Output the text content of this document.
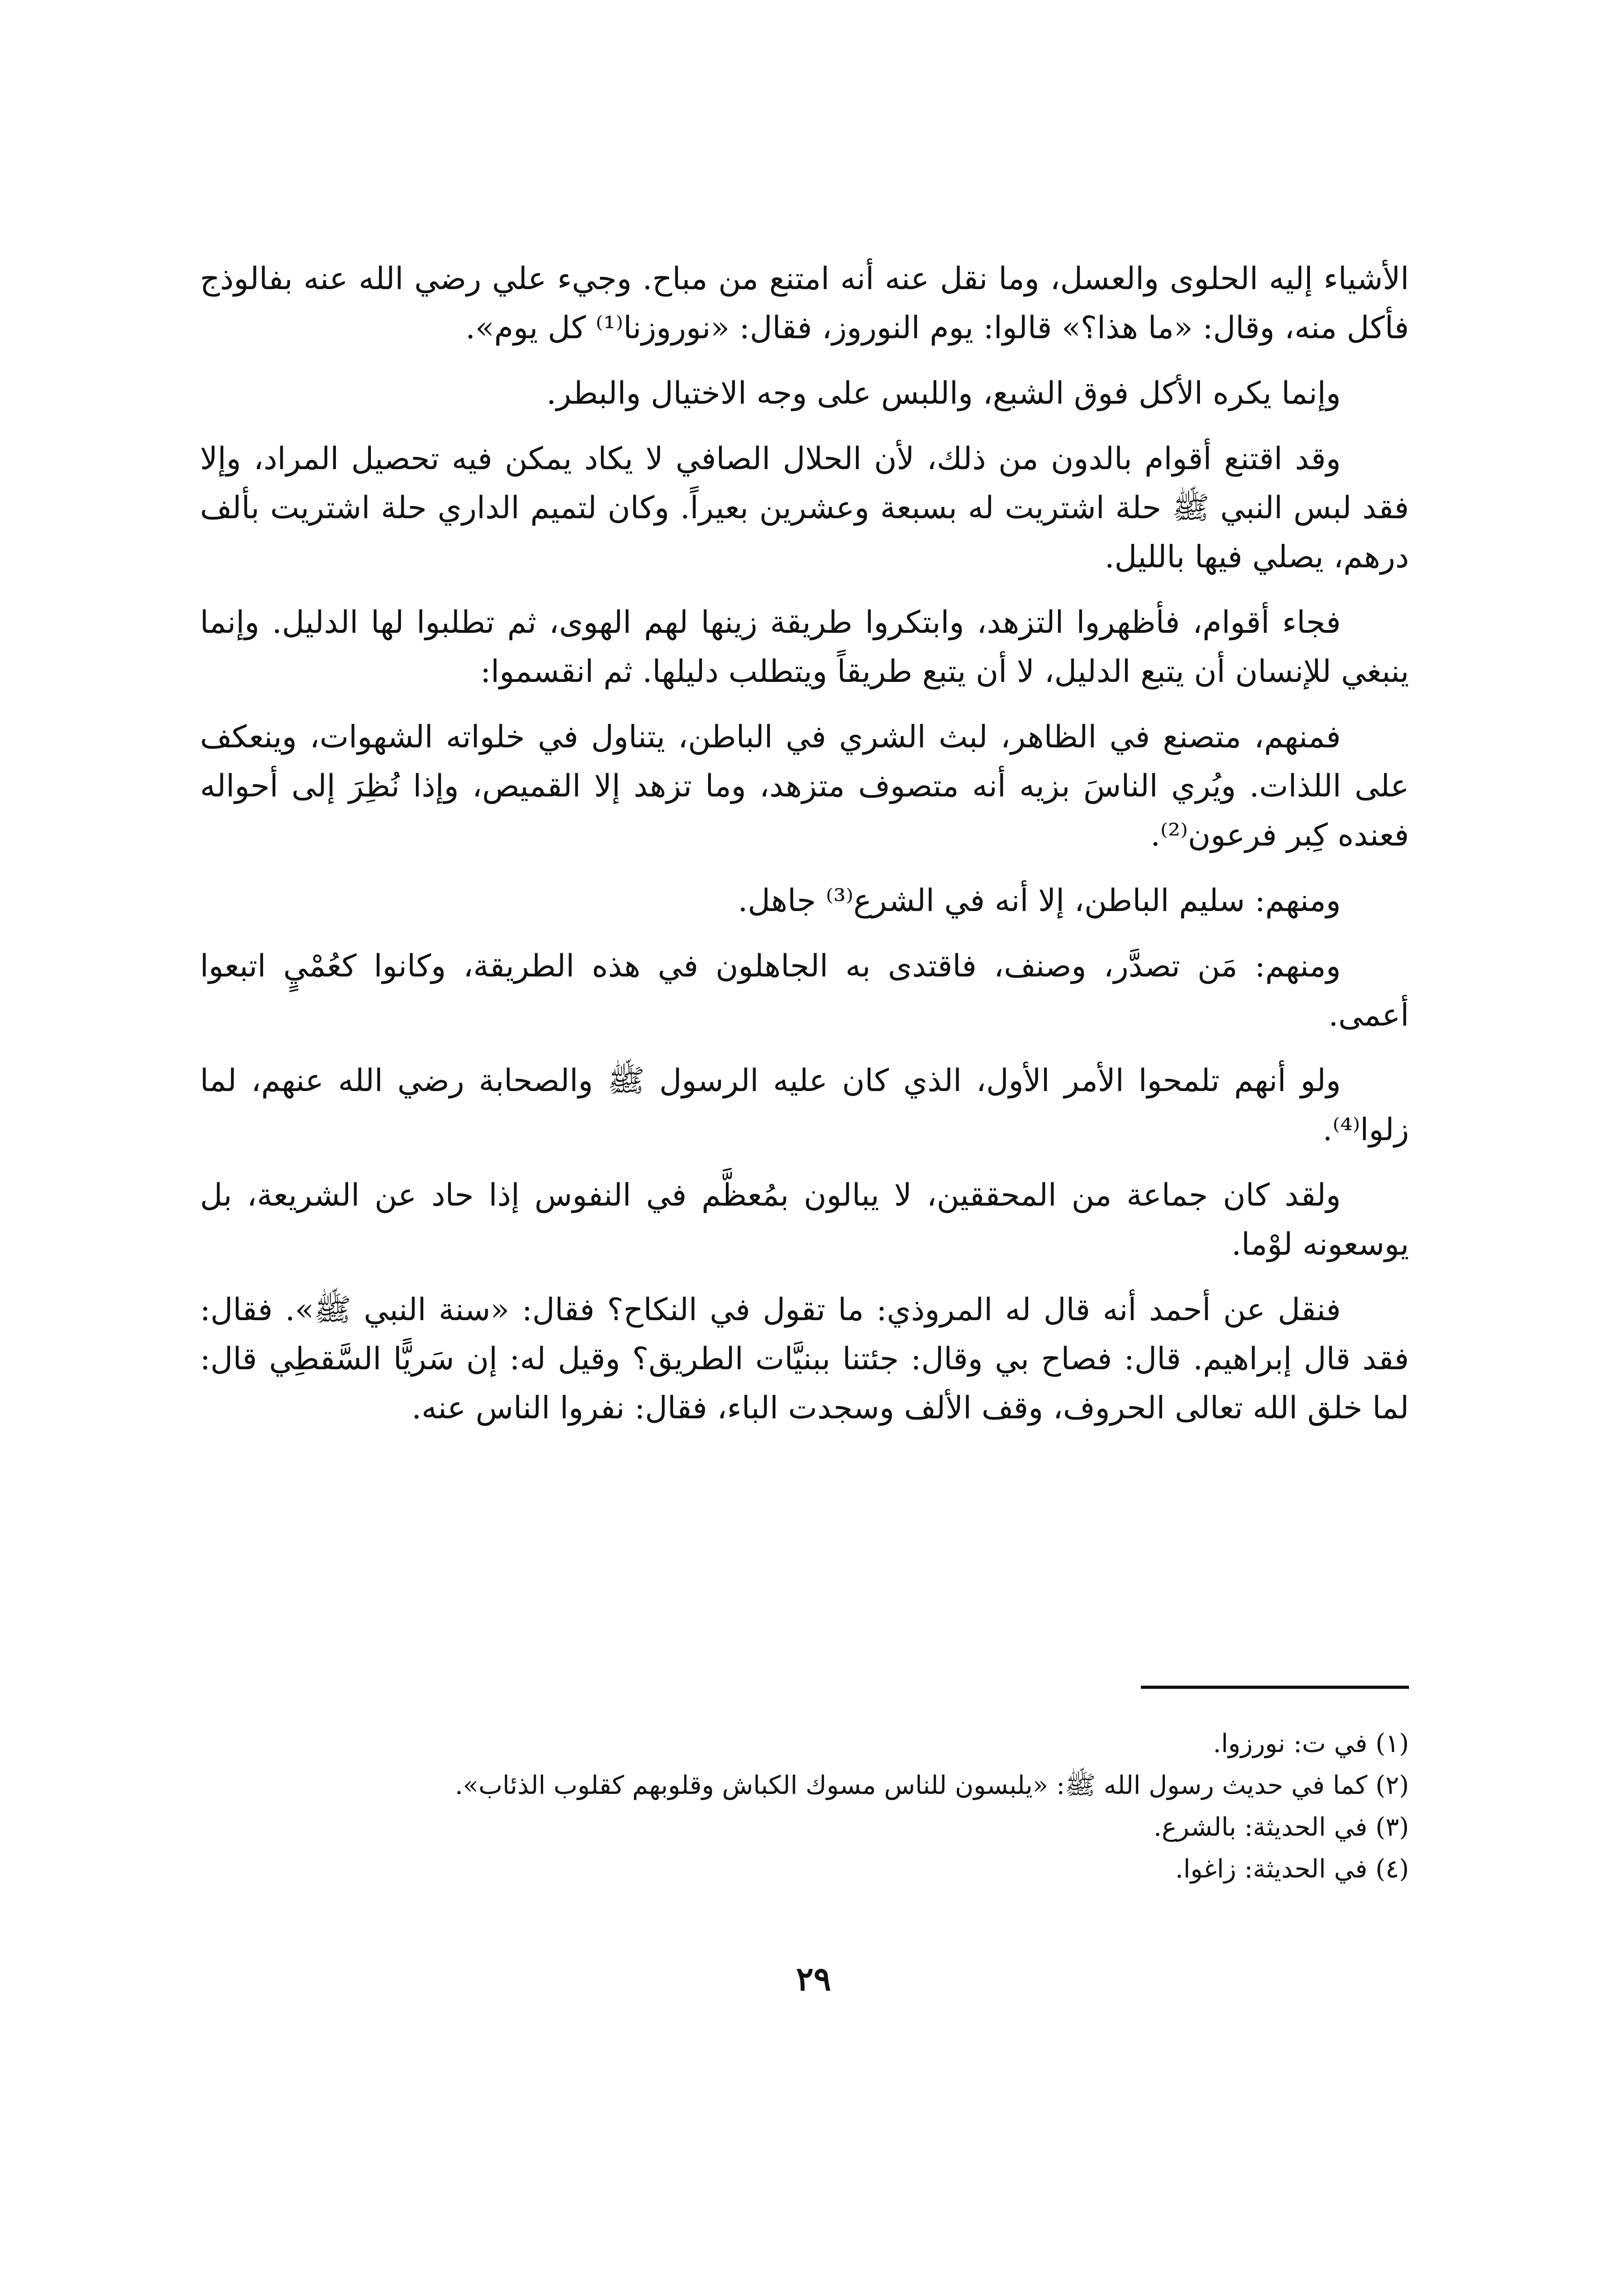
الأشياء إليه الحلوى والعسل، وما نقل عنه أنه امتنع من مباح. وجيء علي رضي الله عنه بفالوذج فأكل منه، وقال: «ما هذا؟» قالوا: يوم النوروز، فقال: «نوروزنا⁽¹⁾ كل يوم».

وإنما يكره الأكل فوق الشبع، واللبس على وجه الاختيال والبطر.

وقد اقتنع أقوام بالدون من ذلك، لأن الحلال الصافي لا يكاد يمكن فيه تحصيل المراد، وإلا فقد لبس النبي ﷺ حلة اشتريت له بسبعة وعشرين بعيراً. وكان لتميم الداري حلة اشتريت بألف درهم، يصلي فيها بالليل.

فجاء أقوام، فأظهروا التزهد، وابتكروا طريقة زينها لهم الهوى، ثم تطلبوا لها الدليل. وإنما ينبغي للإنسان أن يتبع الدليل، لا أن يتبع طريقاً ويتطلب دليلها. ثم انقسموا:

فمنهم، متصنع في الظاهر، لبث الشري في الباطن، يتناول في خلواته الشهوات، وينعكف على اللذات. ويُري الناسَ بزيه أنه متصوف متزهد، وما تزهد إلا القميص، وإذا نُظِرَ إلى أحواله فعنده كِبر فرعون⁽²⁾.

ومنهم: سليم الباطن، إلا أنه في الشرع⁽³⁾ جاهل.

ومنهم: مَن تصدَّر، وصنف، فاقتدى به الجاهلون في هذه الطريقة، وكانوا كعُمْيٍ اتبعوا أعمى.

ولو أنهم تلمحوا الأمر الأول، الذي كان عليه الرسول ﷺ والصحابة رضي الله عنهم، لما زلوا⁽⁴⁾.

ولقد كان جماعة من المحققين، لا يبالون بمُعظَّم في النفوس إذا حاد عن الشريعة، بل يوسعونه لوْما.

فنقل عن أحمد أنه قال له المروذي: ما تقول في النكاح؟ فقال: «سنة النبي ﷺ». فقال: فقد قال إبراهيم. قال: فصاح بي وقال: جئتنا ببنيَّات الطريق؟ وقيل له: إن سَريًّا السَّقطِي قال: لما خلق الله تعالى الحروف، وقف الألف وسجدت الباء، فقال: نفروا الناس عنه.

(١) في ت: نورزوا.

(٢) كما في حديث رسول الله ﷺ: «يلبسون للناس مسوك الكباش وقلوبهم كقلوب الذئاب».

(٣) في الحديثة: بالشرع.

(٤) في الحديثة: زاغوا.

٢٩
